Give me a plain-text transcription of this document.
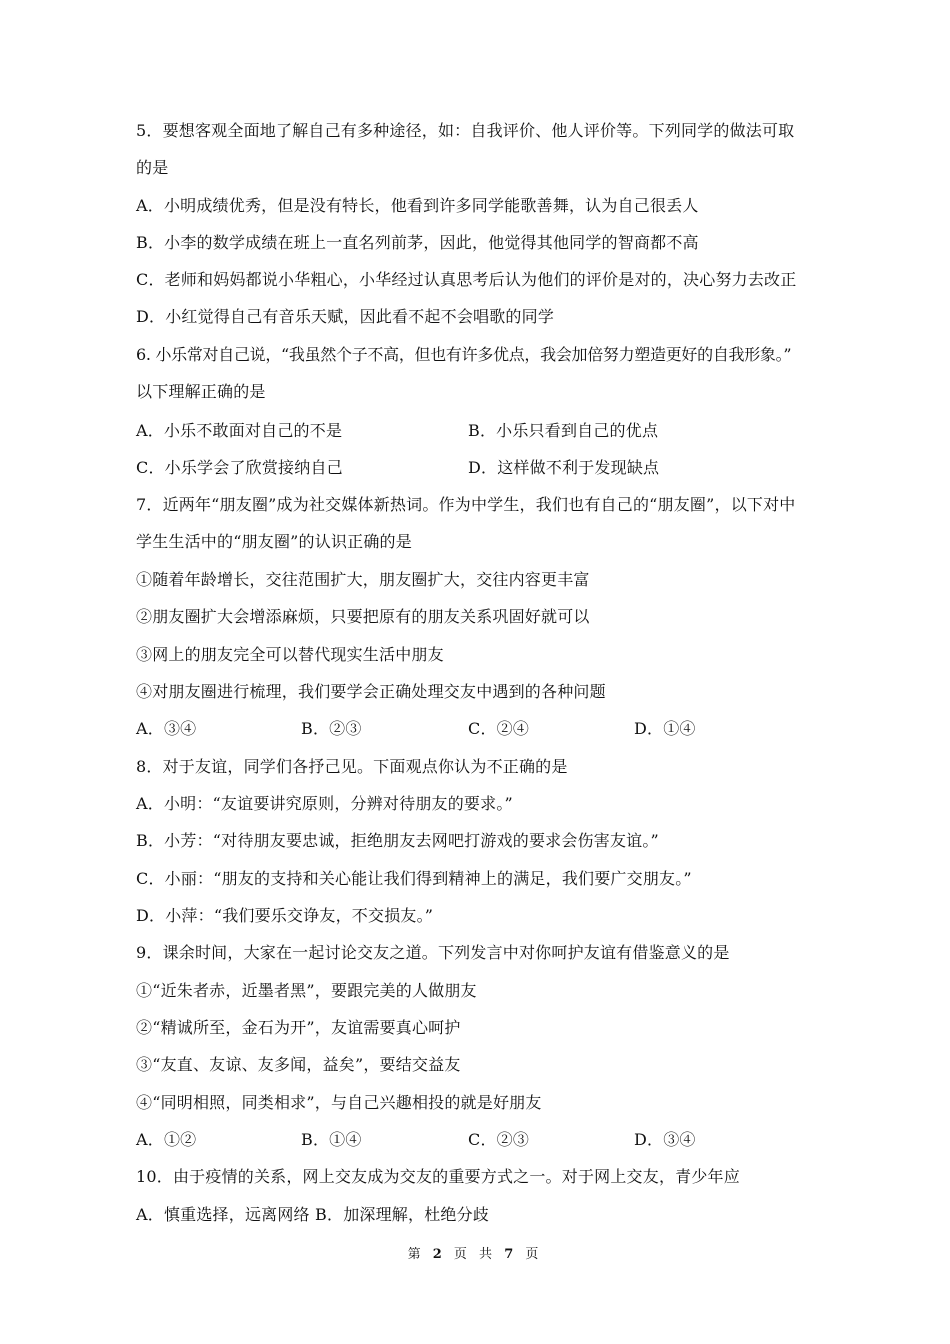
5．要想客观全面地了解自己有多种途径，如：自我评价、他人评价等。下列同学的做法可取
的是
A．小明成绩优秀，但是没有特长，他看到许多同学能歌善舞，认为自己很丢人
B．小李的数学成绩在班上一直名列前茅，因此，他觉得其他同学的智商都不高
C．老师和妈妈都说小华粗心，小华经过认真思考后认为他们的评价是对的，决心努力去改正
D．小红觉得自己有音乐天赋，因此看不起不会唱歌的同学
6. 小乐常对自己说，“我虽然个子不高，但也有许多优点，我会加倍努力塑造更好的自我形象。”
以下理解正确的是
A．小乐不敢面对自己的不是	B．小乐只看到自己的优点
C．小乐学会了欣赏接纳自己	D．这样做不利于发现缺点
7．近两年“朋友圈”成为社交媒体新热词。作为中学生，我们也有自己的“朋友圈”，以下对中
学生生活中的“朋友圈”的认识正确的是
①随着年龄增长，交往范围扩大，朋友圈扩大，交往内容更丰富
②朋友圈扩大会增添麻烦，只要把原有的朋友关系巩固好就可以
③网上的朋友完全可以替代现实生活中朋友
④对朋友圈进行梳理，我们要学会正确处理交友中遇到的各种问题
A．③④	B．②③	C．②④	D．①④
8．对于友谊，同学们各抒己见。下面观点你认为不正确的是
A．小明：“友谊要讲究原则，分辨对待朋友的要求。”
B．小芳：“对待朋友要忠诚，拒绝朋友去网吧打游戏的要求会伤害友谊。”
C．小丽：“朋友的支持和关心能让我们得到精神上的满足，我们要广交朋友。”
D．小萍：“我们要乐交诤友，不交损友。”
9．课余时间，大家在一起讨论交友之道。下列发言中对你呵护友谊有借鉴意义的是
①“近朱者赤，近墨者黑”，要跟完美的人做朋友
②“精诚所至，金石为开”，友谊需要真心呵护
③“友直、友谅、友多闻，益矣”，要结交益友
④“同明相照，同类相求”，与自己兴趣相投的就是好朋友
A．①②	B．①④	C．②③	D．③④
10．由于疫情的关系，网上交友成为交友的重要方式之一。对于网上交友，青少年应
A．慎重选择，远离网络 B．加深理解，杜绝分歧
第 2 页 共 7 页
